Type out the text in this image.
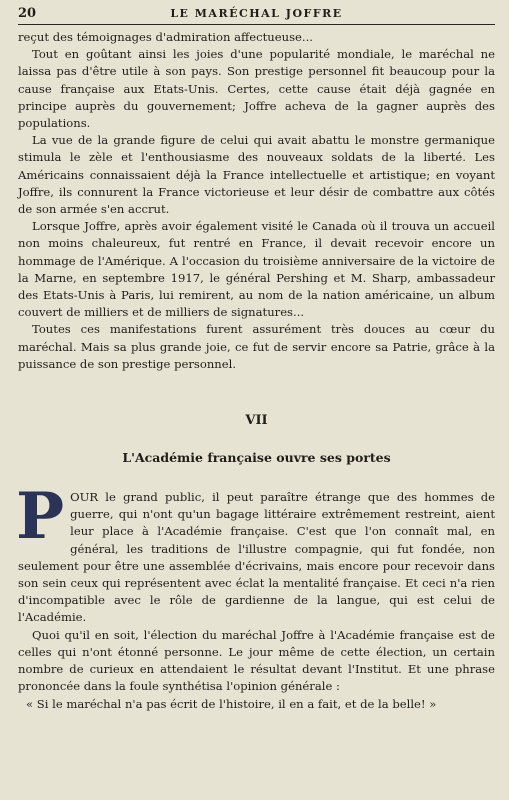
20	LE MARÉCHAL JOFFRE

reçut des témoignages d'admiration affectueuse...

Tout en goûtant ainsi les joies d'une popularité mondiale, le maréchal ne laissa pas d'être utile à son pays. Son prestige personnel fit beaucoup pour la cause française aux Etats-Unis. Certes, cette cause était déjà gagnée en principe auprès du gouvernement; Joffre acheva de la gagner auprès des populations.

La vue de la grande figure de celui qui avait abattu le monstre germanique stimula le zèle et l'enthousiasme des nouveaux soldats de la liberté. Les Américains connaissaient déjà la France intellectuelle et artistique; en voyant Joffre, ils connurent la France victorieuse et leur désir de combattre aux côtés de son armée s'en accrut.

Lorsque Joffre, après avoir également visité le Canada où il trouva un accueil non moins chaleureux, fut rentré en France, il devait recevoir encore un hommage de l'Amérique. A l'occasion du troisième anniversaire de la victoire de la Marne, en septembre 1917, le général Pershing et M. Sharp, ambassadeur des Etats-Unis à Paris, lui remirent, au nom de la nation américaine, un album couvert de milliers et de milliers de signatures...

Toutes ces manifestations furent assurément très douces au cœur du maréchal. Mais sa plus grande joie, ce fut de servir encore sa Patrie, grâce à la puissance de son prestige personnel.

VII
L'Académie française ouvre ses portes

POUR le grand public, il peut paraître étrange que des hommes de guerre, qui n'ont qu'un bagage littéraire extrêmement restreint, aient leur place à l'Académie française. C'est que l'on connaît mal, en général, les traditions de l'illustre compagnie, qui fut fondée, non seulement pour être une assemblée d'écrivains, mais encore pour recevoir dans son sein ceux qui représentent avec éclat la mentalité française. Et ceci n'a rien d'incompatible avec le rôle de gardienne de la langue, qui est celui de l'Académie.

Quoi qu'il en soit, l'élection du maréchal Joffre à l'Académie française est de celles qui n'ont étonné personne. Le jour même de cette élection, un certain nombre de curieux en attendaient le résultat devant l'Institut. Et une phrase prononcée dans la foule synthétisa l'opinion générale :

« Si le maréchal n'a pas écrit de l'histoire, il en a fait, et de la belle! »
